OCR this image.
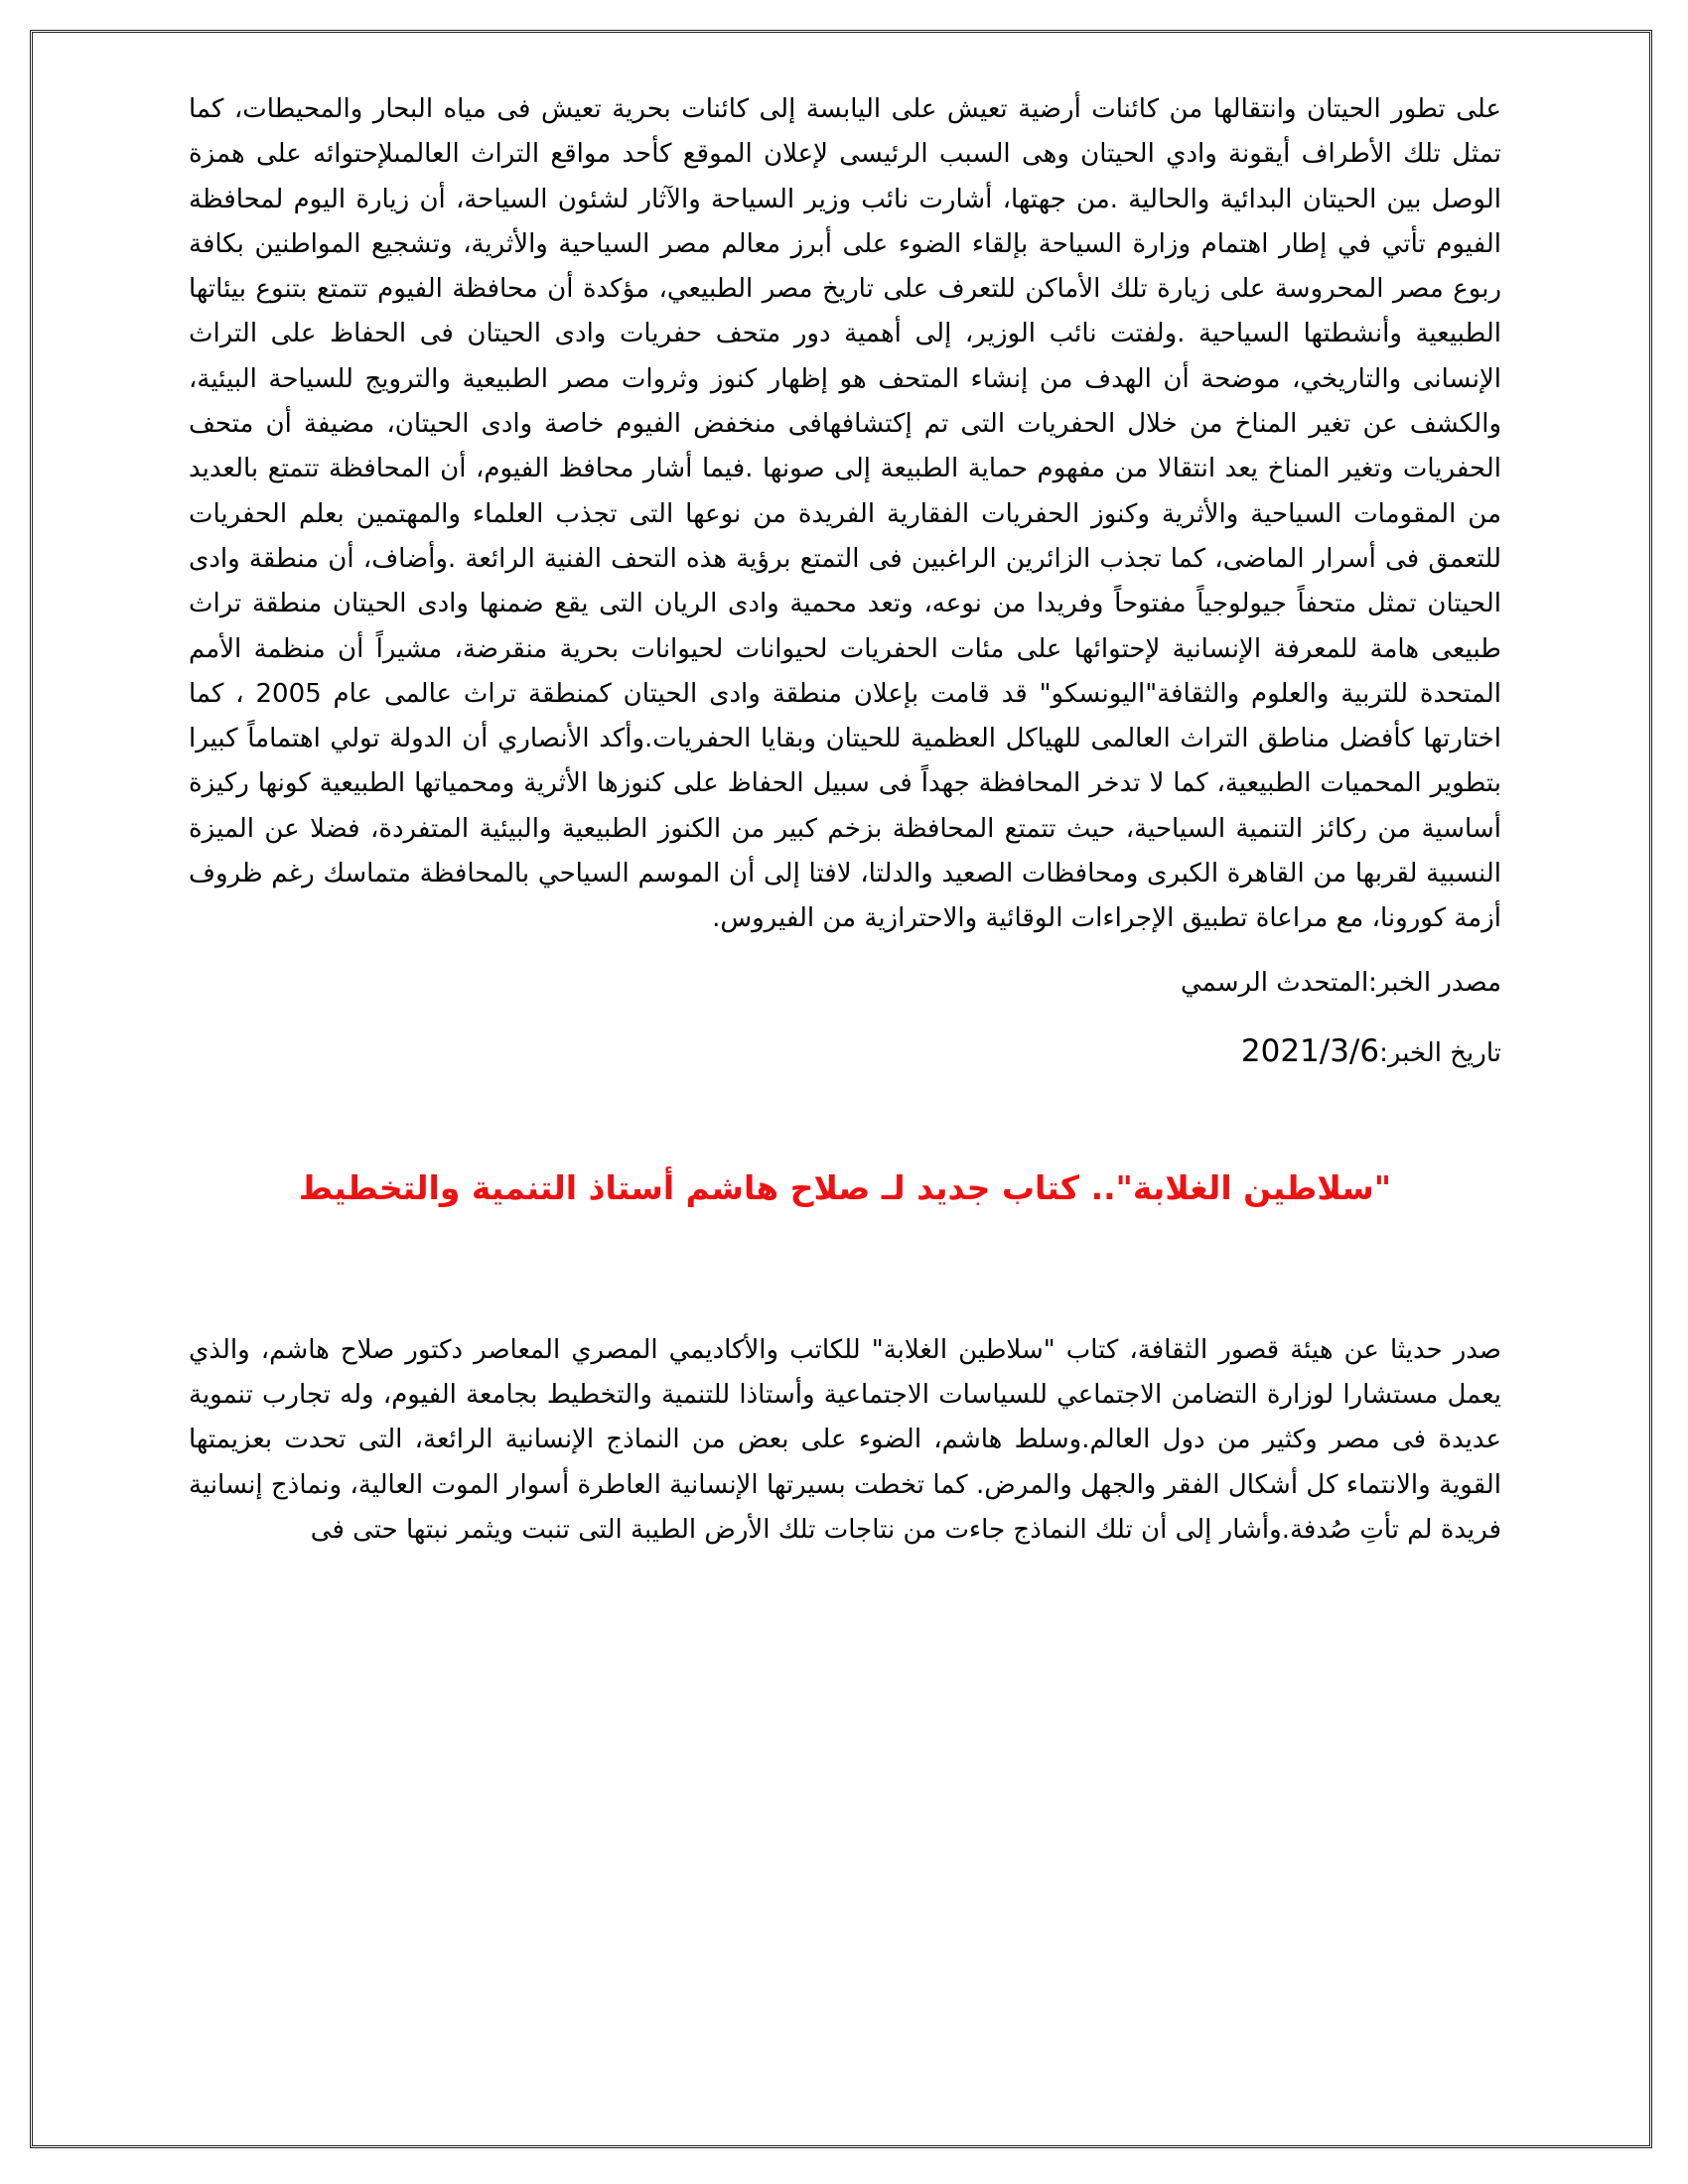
على تطور الحيتان وانتقالها من كائنات أرضية تعيش على اليابسة إلى كائنات بحرية تعيش فى مياه البحار والمحيطات، كما تمثل تلك الأطراف أيقونة وادي الحيتان وهى السبب الرئيسى لإعلان الموقع كأحد مواقع التراث العالمىلإحتوائه على همزة الوصل بين الحيتان البدائية والحالية .من جهتها، أشارت نائب وزير السياحة والآثار لشئون السياحة، أن زيارة اليوم لمحافظة الفيوم تأتي في إطار اهتمام وزارة السياحة بإلقاء الضوء على أبرز معالم مصر السياحية والأثرية، وتشجيع المواطنين بكافة ربوع مصر المحروسة على زيارة تلك الأماكن للتعرف على تاريخ مصر الطبيعي، مؤكدة أن محافظة الفيوم تتمتع بتنوع بيئاتها الطبيعية وأنشطتها السياحية .ولفتت نائب الوزير، إلى أهمية دور متحف حفريات وادى الحيتان فى الحفاظ على التراث الإنسانى والتاريخي، موضحة أن الهدف من إنشاء المتحف هو إظهار كنوز وثروات مصر الطبيعية والترويج للسياحة البيئية، والكشف عن تغير المناخ من خلال الحفريات التى تم إكتشافهافى منخفض الفيوم خاصة وادى الحيتان، مضيفة أن متحف الحفريات وتغير المناخ يعد انتقالا من مفهوم حماية الطبيعة إلى صونها .فيما أشار محافظ الفيوم، أن المحافظة تتمتع بالعديد من المقومات السياحية والأثرية وكنوز الحفريات الفقارية الفريدة من نوعها التى تجذب العلماء والمهتمين بعلم الحفريات للتعمق فى أسرار الماضى، كما تجذب الزائرين الراغبين فى التمتع برؤية هذه التحف الفنية الرائعة .وأضاف، أن منطقة وادى الحيتان تمثل متحفاً جيولوجياً مفتوحاً وفريدا من نوعه، وتعد محمية وادى الريان التى يقع ضمنها وادى الحيتان منطقة تراث طبيعى هامة للمعرفة الإنسانية لإحتوائها على مئات الحفريات لحيوانات لحيوانات بحرية منقرضة، مشيراً أن منظمة الأمم المتحدة للتربية والعلوم والثقافة"اليونسكو" قد قامت بإعلان منطقة وادى الحيتان كمنطقة تراث عالمى عام 2005 ، كما اختارتها كأفضل مناطق التراث العالمى للهياكل العظمية للحيتان وبقايا الحفريات.وأكد الأنصاري أن الدولة تولي اهتماماً كبيرا بتطوير المحميات الطبيعية، كما لا تدخر المحافظة جهداً فى سبيل الحفاظ على كنوزها الأثرية ومحمياتها الطبيعية كونها ركيزة أساسية من ركائز التنمية السياحية، حيث تتمتع المحافظة بزخم كبير من الكنوز الطبيعية والبيئية المتفردة، فضلا عن الميزة النسبية لقربها من القاهرة الكبرى ومحافظات الصعيد والدلتا، لافتا إلى أن الموسم السياحي بالمحافظة متماسك رغم ظروف أزمة كورونا، مع مراعاة تطبيق الإجراءات الوقائية والاحترازية من الفيروس.

مصدر الخبر:المتحدث الرسمي

تاريخ الخبر:2021/3/6

"سلاطين الغلابة".. كتاب جديد لـ صلاح هاشم أستاذ التنمية والتخطيط

صدر حديثا عن هيئة قصور الثقافة، كتاب "سلاطين الغلابة" للكاتب والأكاديمي المصري المعاصر دكتور صلاح هاشم، والذي يعمل مستشارا لوزارة التضامن الاجتماعي للسياسات الاجتماعية وأستاذا للتنمية والتخطيط بجامعة الفيوم، وله تجارب تنموية عديدة فى مصر وكثير من دول العالم.وسلط هاشم، الضوء على بعض من النماذج الإنسانية الرائعة، التى تحدت بعزيمتها القوية والانتماء كل أشكال الفقر والجهل والمرض. كما تخطت بسيرتها الإنسانية العاطرة أسوار الموت العالية، ونماذج إنسانية فريدة لم تأتِ صُدفة.وأشار إلى أن تلك النماذج جاءت من نتاجات تلك الأرض الطيبة التى تنبت ويثمر نبتها حتى فى
